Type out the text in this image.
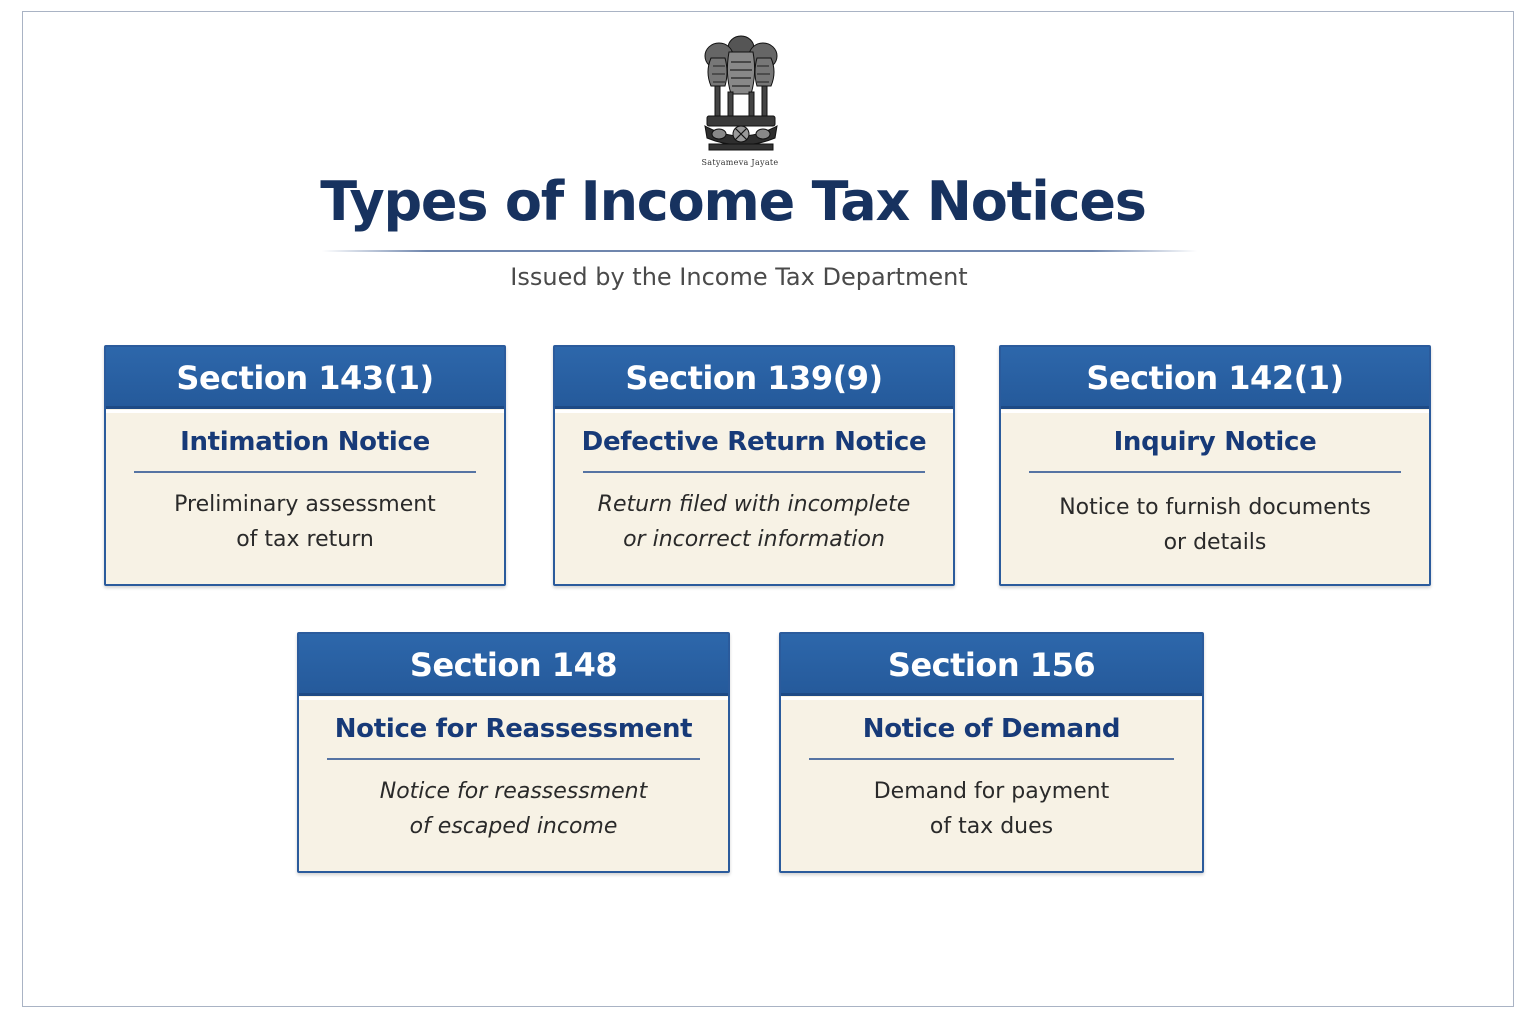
Satyameva Jayate
Types of Income Tax Notices
Issued by the Income Tax Department
Section 143(1)
Intimation Notice
Preliminary assessment
of tax return
Section 139(9)
Defective Return Notice
Return filed with incomplete
or incorrect information
Section 142(1)
Inquiry Notice
Notice to furnish documents
or details
Section 148
Notice for Reassessment
Notice for reassessment
of escaped income
Section 156
Notice of Demand
Demand for payment
of tax dues
